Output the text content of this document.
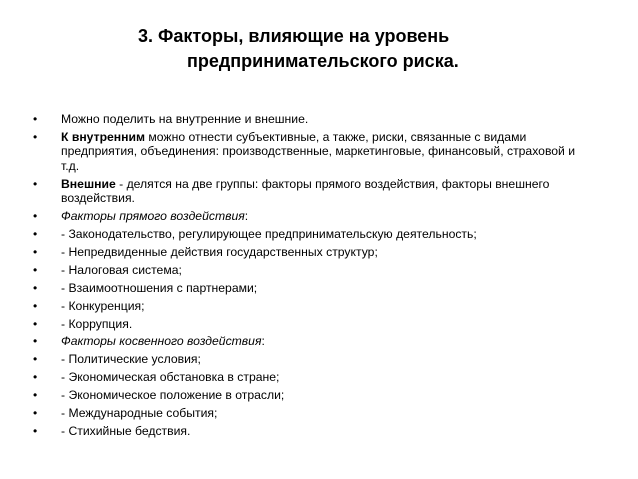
3. Факторы, влияющие на уровень
предпринимательского риска.
• Можно поделить на внутренние и внешние.
• К внутренним можно отнести субъективные, а также, риски, связанные с видами предприятия, объединения: производственные, маркетинговые, финансовый, страховой и т.д.
• Внешние - делятся на две группы: факторы прямого воздействия, факторы внешнего воздействия.
• Факторы прямого воздействия:
• - Законодательство, регулирующее предпринимательскую деятельность;
• - Непредвиденные действия государственных структур;
• - Налоговая система;
• - Взаимоотношения с партнерами;
• - Конкуренция;
• - Коррупция.
• Факторы косвенного воздействия:
• - Политические условия;
• - Экономическая обстановка в стране;
• - Экономическое положение в отрасли;
• - Международные события;
• - Стихийные бедствия.
